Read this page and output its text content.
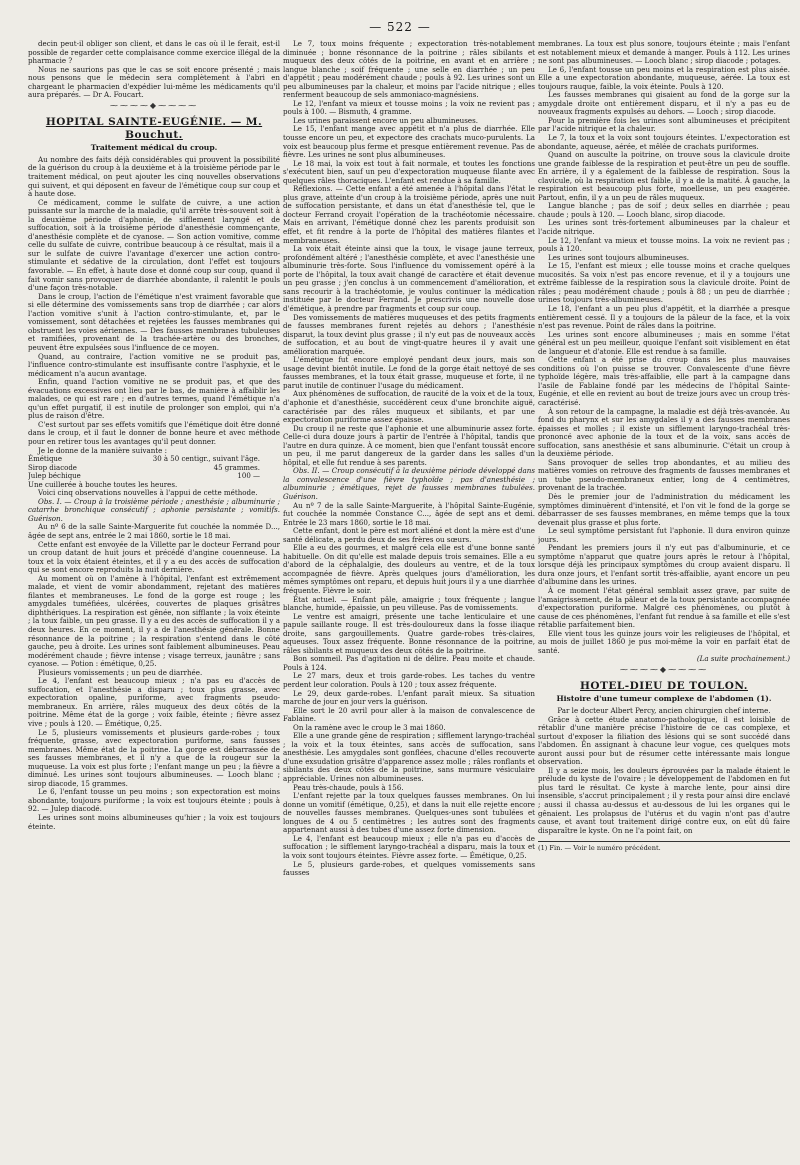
— 522 —

decin peut-il obliger son client, et dans le cas où il le ferait, est-il possible de regarder cette complaisance comme exercice illégal de la pharmacie ?

Nous ne saurions pas que le cas se soit encore présenté ; mais nous pensons que le médecin sera complètement à l'abri en chargeant le pharmacien d'expédier lui-même les médicaments qu'il aura préparés. — Dr A. Foucart.

⁓⁓⁓⁓◆⁓⁓⁓⁓
HOPITAL SAINTE-EUGÉNIE. — M. Bouchut.
Traitement médical du croup.

Au nombre des faits déjà considérables qui prouvent la possibilité de la guérison du croup à la deuxième et à la troisième période par le traitement médical, on peut ajouter les cinq nouvelles observations qui suivent, et qui déposent en faveur de l'émétique coup sur coup et à haute dose.

Ce médicament, comme le sulfate de cuivre, a une action puissante sur la marche de la maladie, qu'il arrête très-souvent soit à la deuxième période d'aphonie, de sifflement laryngé et de suffocation, soit à la troisième période d'anesthésie commençante, d'anesthésie complète et de cyanose. — Son action vomitive, comme celle du sulfate de cuivre, contribue beaucoup à ce résultat, mais il a sur le sulfate de cuivre l'avantage d'exercer une action contro-stimulante et sédative de la circulation, dont l'effet est toujours favorable. — En effet, à haute dose et donné coup sur coup, quand il fait vomir sans provoquer de diarrhée abondante, il ralentit le pouls d'une façon très-notable.

Dans le croup, l'action de l'émétique n'est vraiment favorable que si elle détermine des vomissements sans trop de diarrhée ; car alors l'action vomitive s'unit à l'action contro-stimulante, et, par le vomissement, sont détachées et rejetées les fausses membranes qui obstruent les voies aériennes. — Des fausses membranes tubuleuses et ramifiées, provenant de la trachée-artère ou des bronches, peuvent être expulsées sous l'influence de ce moyen.

Quand, au contraire, l'action vomitive ne se produit pas, l'influence contro-stimulante est insuffisante contre l'asphyxie, et le médicament n'a aucun avantage.

Enfin, quand l'action vomitive ne se produit pas, et que des évacuations excessives ont lieu par le bas, de manière à affaiblir les malades, ce qui est rare ; en d'autres termes, quand l'émétique n'a qu'un effet purgatif, il est inutile de prolonger son emploi, qui n'a plus de raison d'être.

C'est surtout par ses effets vomitifs que l'émétique doit être donné dans le croup, et il faut le donner de bonne heure et avec méthode pour en retirer tous les avantages qu'il peut donner.

Je le donne de la manière suivante :

Émétique	30 à 50 centigr., suivant l'âge.
Sirop diacode	45 grammes.
Julep béchique	100 —

Une cuillerée à bouche toutes les heures.

Voici cinq observations nouvelles à l'appui de cette méthode.

Obs. I. — Croup à la troisième période ; anesthésie ; albuminurie ; catarrhe bronchique consécutif ; aphonie persistante ; vomitifs. Guérison.

Au nº 6 de la salle Sainte-Marguerite fut couchée la nommée D..., âgée de sept ans, entrée le 2 mai 1860, sortie le 18 mai.

Cette enfant est envoyée de la Villette par le docteur Ferrand pour un croup datant de huit jours et précédé d'angine couenneuse. La toux et la voix étaient éteintes, et il y a eu des accès de suffocation qui se sont encore reproduits la nuit dernière.

Au moment où on l'amène à l'hôpital, l'enfant est extrêmement malade, et vient de vomir abondamment, rejetant des matières filantes et membraneuses. Le fond de la gorge est rouge ; les amygdales tuméfiées, ulcérées, couvertes de plaques grisâtres diphthériques. La respiration est gênée, non sifflante ; la voix éteinte ; la toux faible, un peu grasse. Il y a eu des accès de suffocation il y a deux heures. En ce moment, il y a de l'anesthésie générale. Bonne résonnance de la poitrine ; la respiration s'entend dans le côté gauche, peu à droite. Les urines sont faiblement albumineuses. Peau modérément chaude ; fièvre intense ; visage terreux, jaunâtre ; sans cyanose. — Potion : émétique, 0,25.

Plusieurs vomissements ; un peu de diarrhée.

Le 4, l'enfant est beaucoup mieux ; n'a pas eu d'accès de suffocation, et l'anesthésie a disparu ; toux plus grasse, avec expectoration opaline, puriforme, avec fragments pseudo-membraneux. En arrière, râles muqueux des deux côtés de la poitrine. Même état de la gorge ; voix faible, éteinte ; fièvre assez vive ; pouls à 120. — Émétique, 0,25.

Le 5, plusieurs vomissements et plusieurs garde-robes ; toux fréquente, grasse, avec expectoration puriforme, sans fausses membranes. Même état de la poitrine. La gorge est débarrassée de ses fausses membranes, et il n'y a que de la rougeur sur la muqueuse. La voix est plus forte ; l'enfant mange un peu ; la fièvre a diminué. Les urines sont toujours albumineuses. — Looch blanc ; sirop diacode, 15 grammes.

Le 6, l'enfant tousse un peu moins ; son expectoration est moins abondante, toujours puriforme ; la voix est toujours éteinte ; pouls à 92. — Julep diacodé.

Les urines sont moins albumineuses qu'hier ; la voix est toujours éteinte.

Le 7, toux moins fréquente ; expectoration très-notablement diminuée ; bonne résonnance de la poitrine ; râles sibilants et muqueux des deux côtés de la poitrine, en avant et en arrière ; langue blanche ; soif fréquente ; une selle en diarrhée ; un peu d'appétit ; peau modérément chaude ; pouls à 92. Les urines sont un peu albumineuses par la chaleur, et moins par l'acide nitrique ; elles renferment beaucoup de sels ammoniaco-magnésiens.

Le 12, l'enfant va mieux et tousse moins ; la voix ne revient pas ; pouls à 100. — Bismuth, 4 gramme.

Les urines paraissent encore un peu albumineuses.

Le 15, l'enfant mange avec appétit et n'a plus de diarrhée. Elle tousse encore un peu, et expectore des crachats muco-purulents. La voix est beaucoup plus ferme et presque entièrement revenue. Pas de fièvre. Les urines ne sont plus albumineuses.

Le 18 mai, la voix est tout à fait normale, et toutes les fonctions s'exécutent bien, sauf un peu d'expectoration muqueuse filante avec quelques râles thoraciques. L'enfant est rendue à sa famille.

Réflexions. — Cette enfant a été amenée à l'hôpital dans l'état le plus grave, atteinte d'un croup à la troisième période, après une nuit de suffocation persistante, et dans un état d'anesthésie tel, que le docteur Ferrand croyait l'opération de la trachéotomie nécessaire. Mais en arrivant, l'émétique donné chez les parents produisit son effet, et fit rendre à la porte de l'hôpital des matières filantes et membraneuses.

La voix était éteinte ainsi que la toux, le visage jaune terreux, profondément altéré ; l'anesthésie complète, et avec l'anesthésie une albuminurie très-forte. Sous l'influence du vomissement opéré à la porte de l'hôpital, la toux avait changé de caractère et était devenue un peu grasse ; j'en conclus à un commencement d'amélioration, et sans recourir à la trachéotomie, je voulus continuer la médication instituée par le docteur Ferrand. Je prescrivis une nouvelle dose d'émétique, à prendre par fragments et coup sur coup.

Des vomissements de matières muqueuses et des petits fragments de fausses membranes furent rejetés au dehors ; l'anesthésie disparut, la toux devint plus grasse ; il n'y eut pas de nouveaux accès de suffocation, et au bout de vingt-quatre heures il y avait une amélioration marquée.

L'émétique fut encore employé pendant deux jours, mais son usage devint bientôt inutile. Le fond de la gorge était nettoyé de ses fausses membranes, et la toux était grasse, muqueuse et forte, il ne parut inutile de continuer l'usage du médicament.

Aux phénomènes de suffocation, de raucité de la voix et de la toux, d'aphonie et d'anesthésie, succédèrent ceux d'une bronchite aiguë, caractérisée par des râles muqueux et sibilants, et par une expectoration puriforme assez épaisse.

Du croup il ne reste que l'aphonie et une albuminurie assez forte. Celle-ci dura douze jours à partir de l'entrée à l'hôpital, tandis que l'autre en dura quinze. À ce moment, bien que l'enfant toussât encore un peu, il me parut dangereux de la garder dans les salles d'un hôpital, et elle fut rendue à ses parents.

Obs. II. — Croup consécutif à la deuxième période développé dans la convalescence d'une fièvre typhoïde ; pas d'anesthésie ; albuminurie ; émétiques, rejet de fausses membranes tubulées. Guérison.

Au nº 7 de la salle Sainte-Marguerite, à l'hôpital Sainte-Eugénie, fut couchée la nommée Constance C..., âgée de sept ans et demi. Entrée le 23 mars 1860, sortie le 18 mai.

Cette enfant, dont le père est mort aliéné et dont la mère est d'une santé délicate, a perdu deux de ses frères ou sœurs.

Elle a eu des gourmes, et malgré cela elle est d'une bonne santé habituelle. On dit qu'elle est malade depuis trois semaines. Elle a eu d'abord de la céphalalgie, des douleurs au ventre, et de la toux accompagnée de fièvre. Après quelques jours d'amélioration, les mêmes symptômes ont reparu, et depuis huit jours il y a une diarrhée fréquente. Fièvre le soir.

État actuel. — Enfant pâle, amaigrie ; toux fréquente ; langue blanche, humide, épaissie, un peu villeuse. Pas de vomissements.

Le ventre est amaigri, présente une tache lenticulaire et une papule saillante rouge. Il est très-douloureux dans la fosse iliaque droite, sans gargouillements. Quatre garde-robes très-claires, aqueuses. Toux assez fréquente. Bonne résonnance de la poitrine, râles sibilants et muqueux des deux côtés de la poitrine.

Bon sommeil. Pas d'agitation ni de délire. Peau moite et chaude. Pouls à 124.

Le 27 mars, deux et trois garde-robes. Les taches du ventre perdent leur coloration. Pouls à 120 ; toux assez fréquente.

Le 29, deux garde-robes. L'enfant paraît mieux. Sa situation marche de jour en jour vers la guérison.

Elle sort le 20 avril pour aller à la maison de convalescence de Fablaine.

On la ramène avec le croup le 3 mai 1860.

Elle a une grande gêne de respiration ; sifflement laryngo-trachéal ; la voix et la toux éteintes, sans accès de suffocation, sans anesthésie. Les amygdales sont gonflées, chacune d'elles recouverte d'une exsudation grisâtre d'apparence assez molle ; râles ronflants et sibilants des deux côtés de la poitrine, sans murmure vésiculaire appréciable. Urines non albumineuses.

Peau très-chaude, pouls à 156.

L'enfant rejette par la toux quelques fausses membranes. On lui donne un vomitif (émétique, 0,25), et dans la nuit elle rejette encore de nouvelles fausses membranes. Quelques-unes sont tubulées et longues de 4 ou 5 centimètres ; les autres sont des fragments appartenant aussi à des tubes d'une assez forte dimension.

Le 4, l'enfant est beaucoup mieux ; elle n'a pas eu d'accès de suffocation ; le sifflement laryngo-trachéal a disparu, mais la toux et la voix sont toujours éteintes. Fièvre assez forte. — Émétique, 0,25.

Le 5, plusieurs garde-robes, et quelques vomissements sans fausses

membranes. La toux est plus sonore, toujours éteinte ; mais l'enfant est notablement mieux et demande à manger. Pouls à 112. Les urines ne sont pas albumineuses. — Looch blanc ; sirop diacode ; potages.

Le 6, l'enfant tousse un peu moins et la respiration est plus aisée. Elle a une expectoration abondante, muqueuse, aérée. La toux est toujours rauque, faible, la voix éteinte. Pouls à 120.

Les fausses membranes qui gisaient au fond de la gorge sur la amygdale droite ont entièrement disparu, et il n'y a pas eu de nouveaux fragments expulsés au dehors. — Looch ; sirop diacode.

Pour la première fois les urines sont albumineuses et précipitent par l'acide nitrique et la chaleur.

Le 7, la toux et la voix sont toujours éteintes. L'expectoration est abondante, aqueuse, aérée, et mêlée de crachats puriformes.

Quand on ausculte la poitrine, on trouve sous la clavicule droite une grande faiblesse de la respiration et peut-être un peu de souffle. En arrière, il y a également de la faiblesse de respiration. Sous la clavicule, où la respiration est faible, il y a de la matité. À gauche, la respiration est beaucoup plus forte, moelleuse, un peu exagérée. Partout, enfin, il y a un peu de râles muqueux.

Langue blanche ; pas de soif ; deux selles en diarrhée ; peau chaude ; pouls à 120. — Looch blanc, sirop diacode.

Les urines sont très-fortement albumineuses par la chaleur et l'acide nitrique.

Le 12, l'enfant va mieux et tousse moins. La voix ne revient pas ; pouls à 120.

Les urines sont toujours albumineuses.

Le 15, l'enfant est mieux ; elle tousse moins et crache quelques mucosités. Sa voix n'est pas encore revenue, et il y a toujours une extrême faiblesse de la respiration sous la clavicule droite. Point de râles ; peau modérément chaude ; pouls à 88 ; un peu de diarrhée ; urines toujours très-albumineuses.

Le 18, l'enfant a un peu plus d'appétit, et la diarrhée a presque entièrement cessé. Il y a toujours de la pâleur de la face, et la voix n'est pas revenue. Point de râles dans la poitrine.

Les urines sont encore albumineuses ; mais en somme l'état général est un peu meilleur, quoique l'enfant soit visiblement en état de langueur et d'atonie. Elle est rendue à sa famille.

Cette enfant a été prise du croup dans les plus mauvaises conditions où l'on puisse se trouver. Convalescente d'une fièvre typhoïde légère, mais très-affaiblie, elle part à la campagne dans l'asile de Fablaine fondé par les médecins de l'hôpital Sainte-Eugénie, et elle en revient au bout de treize jours avec un croup très-caractérisé.

À son retour de la campagne, la maladie est déjà très-avancée. Au fond du pharynx et sur les amygdales il y a des fausses membranes épaisses et molles ; il existe un sifflement laryngo-trachéal très-prononcé avec aphonie de la toux et de la voix, sans accès de suffocation, sans anesthésie et sans albuminurie. C'était un croup à la deuxième période.

Sans provoquer de selles trop abondantes, et au milieu des matières vomies on retrouve des fragments de fausses membranes et un tube pseudo-membraneux entier, long de 4 centimètres, provenant de la trachée.

Dès le premier jour de l'administration du médicament les symptômes diminuèrent d'intensité, et l'on vit le fond de la gorge se débarrasser de ses fausses membranes, en même temps que la toux devenait plus grasse et plus forte.

Le seul symptôme persistant fut l'aphonie. Il dura environ quinze jours.

Pendant les premiers jours il n'y eut pas d'albuminurie, et ce symptôme n'apparut que quatre jours après le retour à l'hôpital, lorsque déjà les principaux symptômes du croup avaient disparu. Il dura onze jours, et l'enfant sortit très-affaiblie, ayant encore un peu d'albumine dans les urines.

À ce moment l'état général semblait assez grave, par suite de l'amaigrissement, de la pâleur et de la toux persistante accompagnée d'expectoration puriforme. Malgré ces phénomènes, ou plutôt à cause de ces phénomènes, l'enfant fut rendue à sa famille et elle s'est rétablie parfaitement bien.

Elle vient tous les quinze jours voir les religieuses de l'hôpital, et au mois de juillet 1860 je pus moi-même la voir en parfait état de santé.

(La suite prochainement.)

⁓⁓⁓⁓◆⁓⁓⁓⁓
HOTEL-DIEU DE TOULON.
Histoire d'une tumeur complexe de l'abdomen (1).

Par le docteur Albert Percy, ancien chirurgien chef interne.

Grâce à cette étude anatomo-pathologique, il est loisible de rétablir d'une manière précise l'histoire de ce cas complexe, et surtout d'exposer la filiation des lésions qui se sont succédé dans l'abdomen. En assignant à chacune leur vogue, ces quelques mots auront aussi pour but de résumer cette intéressante mais longue observation.

Il y a seize mois, les douleurs éprouvées par la malade étaient le prélude du kyste de l'ovaire ; le développement de l'abdomen en fut plus tard le résultat. Ce kyste à marche lente, pour ainsi dire insensible, s'accrut principalement ; il y resta pour ainsi dire enclavé ; aussi il chassa au-dessus et au-dessous de lui les organes qui le gênaient. Les prolapsus de l'utérus et du vagin n'ont pas d'autre cause, et avant tout traitement dirigé contre eux, on eût dû faire disparaître le kyste. On ne l'a point fait, on

(1) Fin. — Voir le numéro précédent.
